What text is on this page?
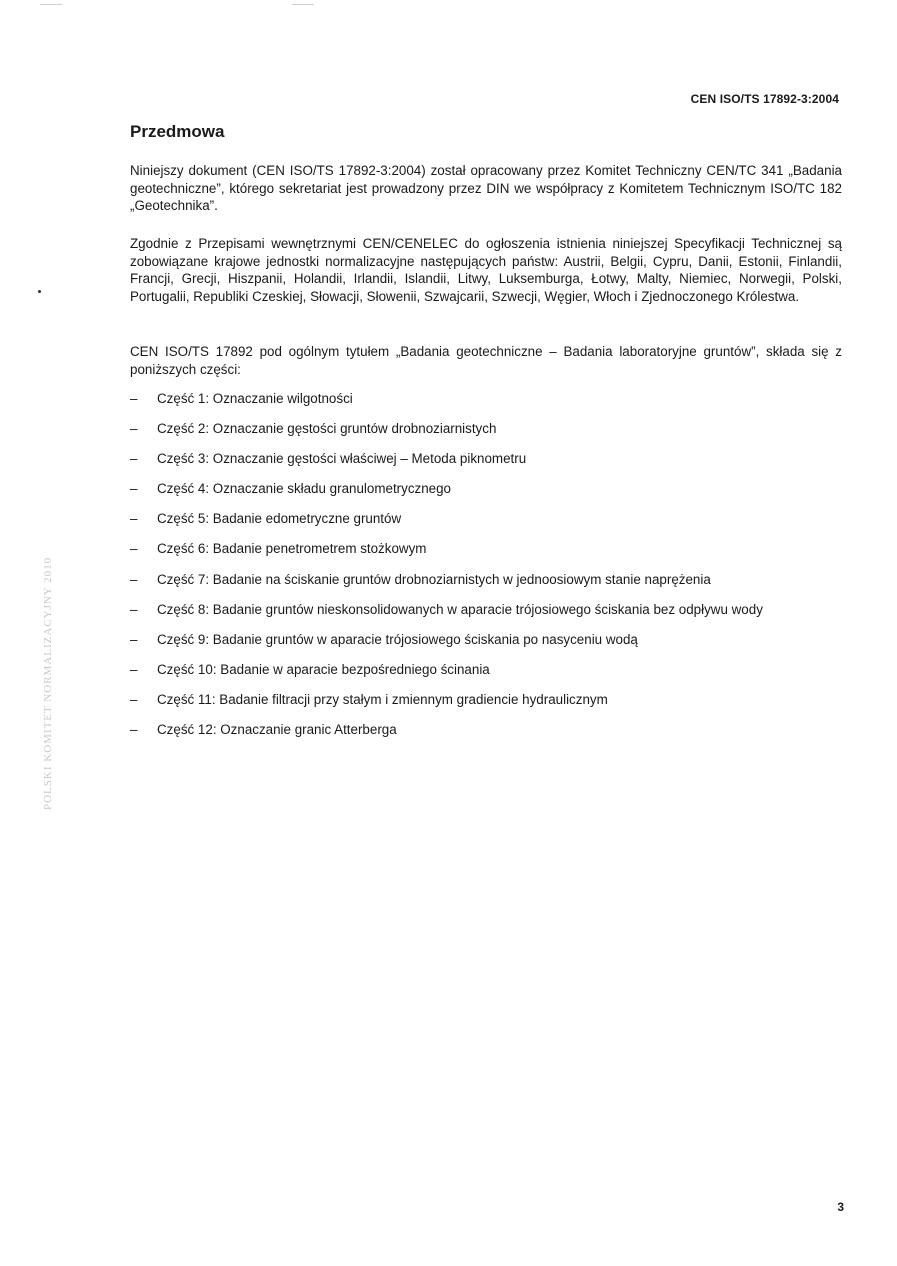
POLSKI KOMITET NORMALIZACYJNY 2010
CEN ISO/TS 17892-3:2004
Przedmowa

Niniejszy dokument (CEN ISO/TS 17892-3:2004) został opracowany przez Komitet Techniczny CEN/TC 341 „Badania geotechniczne”, którego sekretariat jest prowadzony przez DIN we współpracy z Komitetem Technicznym ISO/TC 182 „Geotechnika”.

Zgodnie z Przepisami wewnętrznymi CEN/CENELEC do ogłoszenia istnienia niniejszej Specyfikacji Technicznej są zobowiązane krajowe jednostki normalizacyjne następujących państw: Austrii, Belgii, Cypru, Danii, Estonii, Finlandii, Francji, Grecji, Hiszpanii, Holandii, Irlandii, Islandii, Litwy, Luksemburga, Łotwy, Malty, Niemiec, Norwegii, Polski, Portugalii, Republiki Czeskiej, Słowacji, Słowenii, Szwajcarii, Szwecji, Węgier, Włoch i Zjednoczonego Królestwa.

CEN ISO/TS 17892 pod ogólnym tytułem „Badania geotechniczne – Badania laboratoryjne gruntów”, składa się z poniższych części:

–	Część 1: Oznaczanie wilgotności
–	Część 2: Oznaczanie gęstości gruntów drobnoziarnistych
–	Część 3: Oznaczanie gęstości właściwej – Metoda piknometru
–	Część 4: Oznaczanie składu granulometrycznego
–	Część 5: Badanie edometryczne gruntów
–	Część 6: Badanie penetrometrem stożkowym
–	Część 7: Badanie na ściskanie gruntów drobnoziarnistych w jednoosiowym stanie naprężenia
–	Część 8: Badanie gruntów nieskonsolidowanych w aparacie trójosiowego ściskania bez odpływu wody
–	Część 9: Badanie gruntów w aparacie trójosiowego ściskania po nasyceniu wodą
–	Część 10: Badanie w aparacie bezpośredniego ścinania
–	Część 11: Badanie filtracji przy stałym i zmiennym gradiencie hydraulicznym
–	Część 12: Oznaczanie granic Atterberga
3
